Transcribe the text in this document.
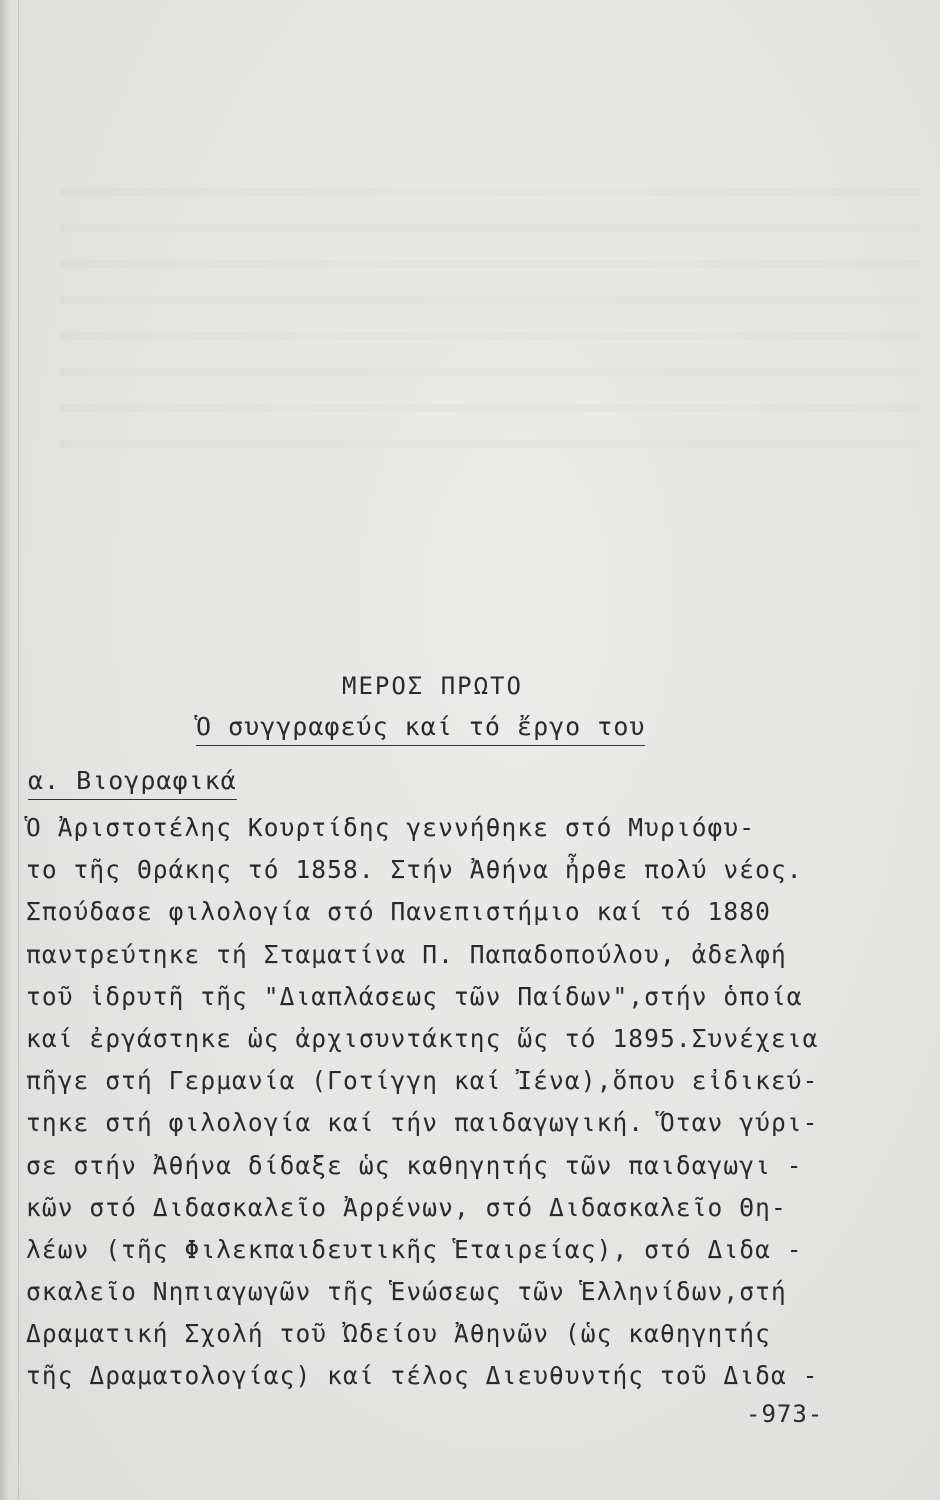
ΜΕΡΟΣ ΠΡΩΤΟ
Ὁ συγγραφεύς καί τό ἔργο του
α. Βιογραφικά
Ὁ Ἀριστοτέλης Κουρτίδης γεννήθηκε στό Μυριόφυ-
το τῆς Θράκης τό 1858. Στήν Ἀθήνα ἦρθε πολύ νέος.
Σπούδασε φιλολογία στό Πανεπιστήμιο καί τό 1880
παντρεύτηκε τή Σταματίνα Π. Παπαδοπούλου, ἀδελφή
τοῦ ἱδρυτῆ τῆς "Διαπλάσεως τῶν Παίδων",στήν ὁποία
καί ἐργάστηκε ὡς ἀρχισυντάκτης ὥς τό 1895.Συνέχεια
πῆγε στή Γερμανία (Γοτίγγη καί Ἰένα),ὅπου εἰδικεύ-
τηκε στή φιλολογία καί τήν παιδαγωγική. Ὅταν γύρι-
σε στήν Ἀθήνα δίδαξε ὡς καθηγητής τῶν παιδαγωγι -
κῶν στό Διδασκαλεῖο Ἀρρένων, στό Διδασκαλεῖο Θη-
λέων (τῆς Φιλεκπαιδευτικῆς Ἑταιρείας), στό Διδα -
σκαλεῖο Νηπιαγωγῶν τῆς Ἑνώσεως τῶν Ἑλληνίδων,στή
Δραματική Σχολή τοῦ Ὠδείου Ἀθηνῶν (ὡς καθηγητής
τῆς Δραματολογίας) καί τέλος Διευθυντής τοῦ Διδα -
-973-
